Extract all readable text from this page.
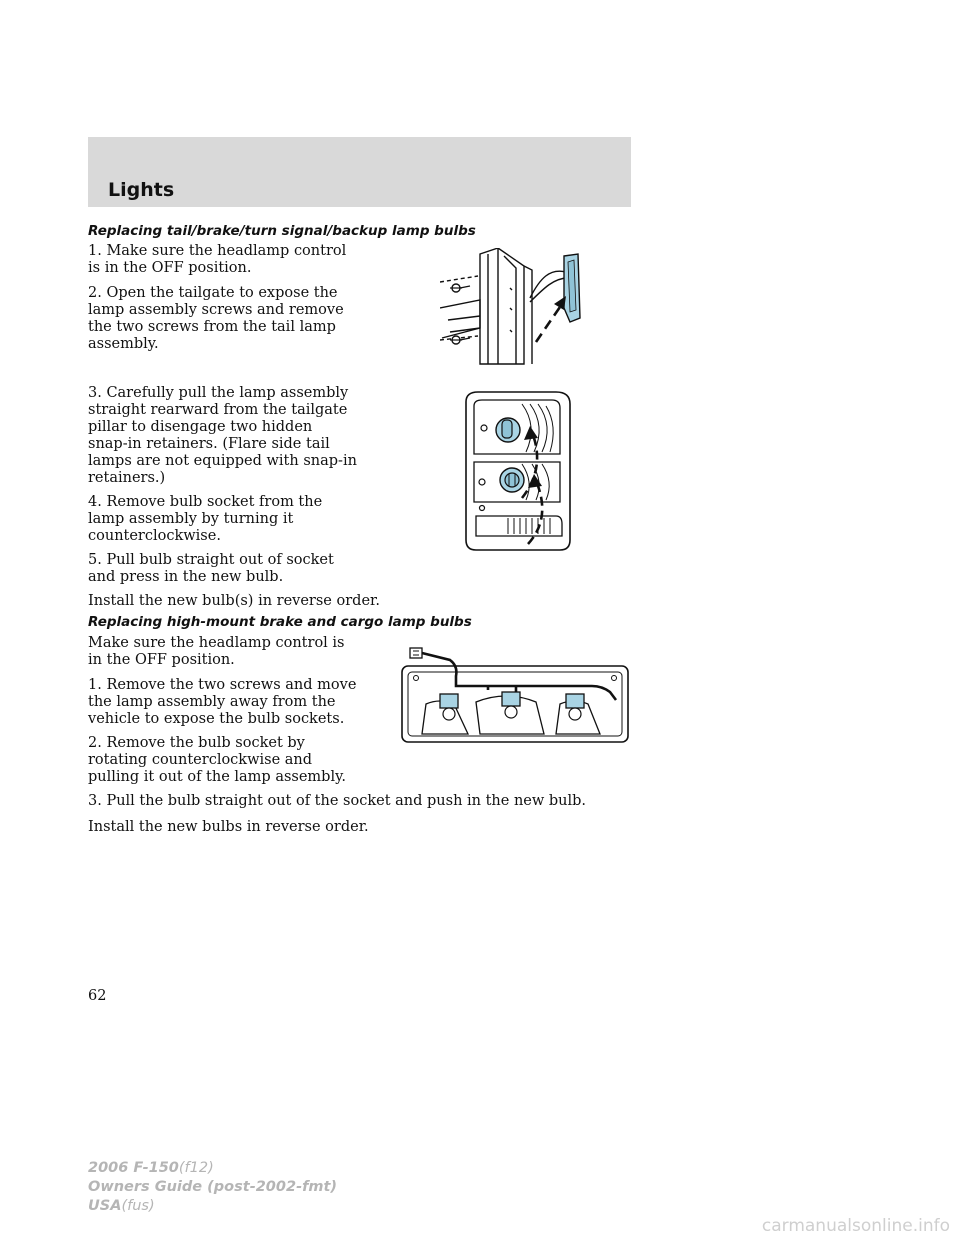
Lights
Replacing tail/brake/turn signal/backup lamp bulbs

1. Make sure the headlamp control

is in the OFF position.

2. Open the tailgate to expose the

lamp assembly screws and remove

the two screws from the tail lamp

assembly.

3. Carefully pull the lamp assembly

straight rearward from the tailgate

pillar to disengage two hidden

snap-in retainers. (Flare side tail

lamps are not equipped with snap-in

retainers.)

4. Remove bulb socket from the

lamp assembly by turning it

counterclockwise.

5. Pull bulb straight out of socket

and press in the new bulb.

Install the new bulb(s) in reverse order.

Replacing high-mount brake and cargo lamp bulbs

Make sure the headlamp control is

in the OFF position.

1. Remove the two screws and move

the lamp assembly away from the

vehicle to expose the bulb sockets.

2. Remove the bulb socket by

rotating counterclockwise and

pulling it out of the lamp assembly.

3. Pull the bulb straight out of the socket and push in the new bulb.

Install the new bulbs in reverse order.

62
2006 F-150(f12)
Owners Guide (post-2002-fmt)
USA(fus)
carmanualsonline.info
